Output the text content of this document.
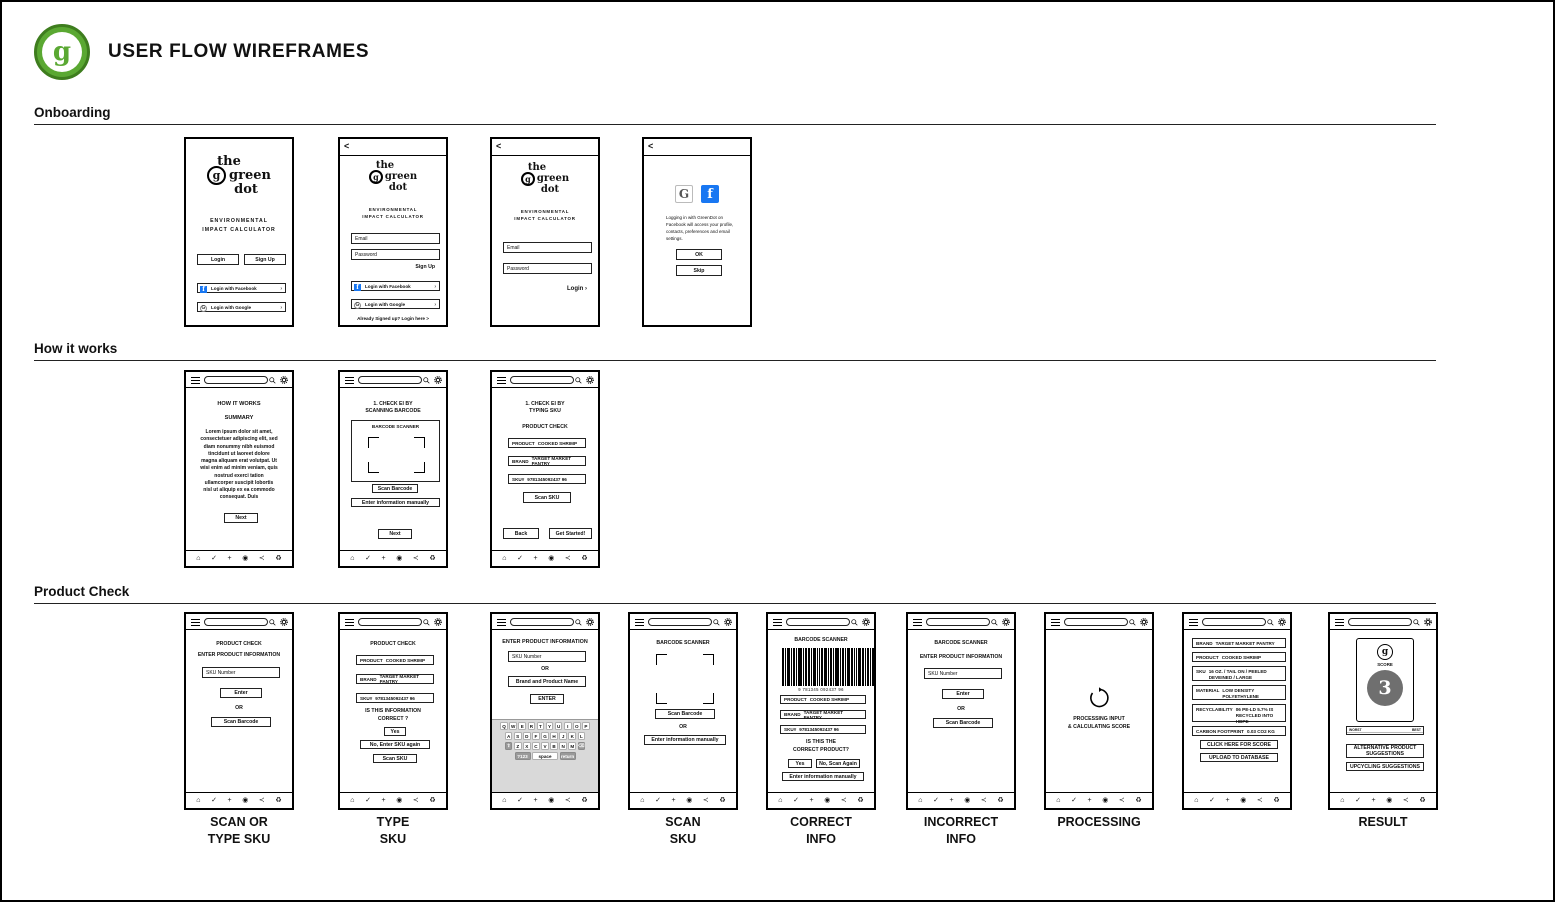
g	USER FLOW WIREFRAMES
Onboarding
How it works
Product Check
the
g green
dot
ENVIRONMENTAL
IMPACT CALCULATOR
Login	Sign Up
f	Login with Facebook	›
G	Login with Google	›
<
the
g green
dot
ENVIRONMENTAL
IMPACT CALCULATOR
Email
Password
Sign Up
f	Login with Facebook	›
G	Login with Google	›
Already Signed up? Login here >
<
the
g green
dot
ENVIRONMENTAL
IMPACT CALCULATOR
Email
Password
Login ›
<
G	f
Logging in with GreenDot on Facebook will access your profile, contacts, preferences and email settings.
OK
Skip
HOW IT WORKS
SUMMARY
Lorem ipsum dolor sit amet, consectetuer adipiscing elit, sed diam nonummy nibh euismod tincidunt ut laoreet dolore magna aliquam erat volutpat. Ut wisi enim ad minim veniam, quis nostrud exerci tation ullamcorper suscipit lobortis nisl ut aliquip ex ea commodo consequat. Duis
Next
⌂ ✓ + ◉ ≺ ♻
1. CHECK EI BY
SCANNING BARCODE
BARCODE SCANNER
Scan Barcode
Enter information manually
Next
⌂ ✓ + ◉ ≺ ♻
1. CHECK EI BY
TYPING SKU
PRODUCT CHECK
PRODUCT COOKED SHRIMP
BRAND TARGET MARKET PANTRY
SKU# 9781345092437 96
Scan SKU
Back	Get Started!
⌂ ✓ + ◉ ≺ ♻
PRODUCT CHECK
ENTER PRODUCT INFORMATION
SKU Number
Enter
OR
Scan Barcode
⌂ ✓ + ◉ ≺ ♻
SCAN OR
TYPE SKU
PRODUCT CHECK
PRODUCT COOKED SHRIMP
BRAND TARGET MARKET PANTRY
SKU# 9781345092437 96
IS THIS INFORMATION
CORRECT ?
Yes
No, Enter SKU again
Scan SKU
⌂ ✓ + ◉ ≺ ♻
TYPE
SKU
ENTER PRODUCT INFORMATION
SKU Number
OR
Brand and Product Name
ENTER
Q	W	E	R	T	Y	U	I	O	P
A	S	D	F	G	H	J	K	L
⇧	Z	X	C	V	B	N	M ⌫
?123	space	return
⌂ ✓ + ◉ ≺ ♻
BARCODE SCANNER
Scan Barcode
OR
Enter information manually
⌂ ✓ + ◉ ≺ ♻
SCAN
SKU
BARCODE SCANNER
9 781345 092437 96
PRODUCT COOKED SHRIMP
BRAND TARGET MARKET PANTRY
SKU# 9781345092437 96
IS THIS THE
CORRECT PRODUCT?
Yes	No, Scan Again
Enter information manually
⌂ ✓ + ◉ ≺ ♻
CORRECT
INFO
BARCODE SCANNER
ENTER PRODUCT INFORMATION
SKU Number
Enter
OR
Scan Barcode
⌂ ✓ + ◉ ≺ ♻
INCORRECT
INFO
PROCESSING INPUT
& CALCULATING SCORE
⌂ ✓ + ◉ ≺ ♻
PROCESSING
BRAND TARGET MARKET PANTRY
PRODUCT COOKED SHRIMP
SKU 16 OZ. / TAIL ON / PEELED DEVEINED / LARGE
MATERIAL LOW DENSITY POLYETHYLENE
RECYCLABILITY 06 PE-LD 5.7% IS RECYCLED INTO HDPE
CARBON FOOTPRINT 0.03 CO2 KG
CLICK HERE FOR SCORE
UPLOAD TO DATABASE
⌂ ✓ + ◉ ≺ ♻
g
SCORE
3
WORST	BEST
ALTERNATIVE PRODUCT
SUGGESTIONS
UPCYCLING SUGGESTIONS
⌂ ✓ + ◉ ≺ ♻
RESULT
